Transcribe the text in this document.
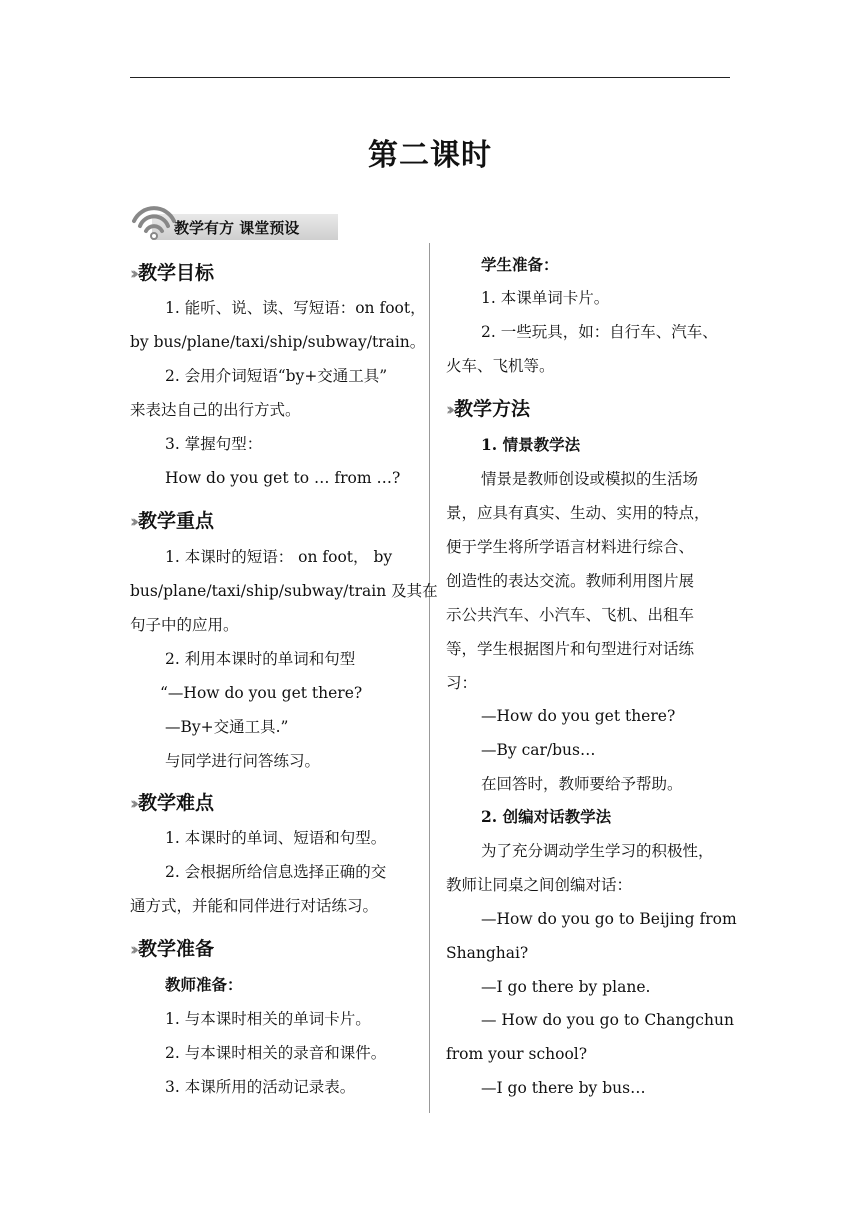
第二课时
教学有方 课堂预设
›› 教学目标
1. 能听、说、读、写短语：on foot，
by bus/plane/taxi/ship/subway/train。
2. 会用介词短语“by+交通工具”
来表达自己的出行方式。
3. 掌握句型：
How do you get to … from …?
›› 教学重点
1. 本课时的短语： on foot， by
bus/plane/taxi/ship/subway/train 及其在
句子中的应用。
2. 利用本课时的单词和句型
“—How do you get there?
—By+交通工具.”
与同学进行问答练习。
›› 教学难点
1. 本课时的单词、短语和句型。
2. 会根据所给信息选择正确的交
通方式，并能和同伴进行对话练习。
›› 教学准备
教师准备：
1. 与本课时相关的单词卡片。
2. 与本课时相关的录音和课件。
3. 本课所用的活动记录表。
学生准备：
1. 本课单词卡片。
2. 一些玩具，如：自行车、汽车、
火车、飞机等。
›› 教学方法
1. 情景教学法
情景是教师创设或模拟的生活场
景，应具有真实、生动、实用的特点，
便于学生将所学语言材料进行综合、
创造性的表达交流。教师利用图片展
示公共汽车、小汽车、飞机、出租车
等，学生根据图片和句型进行对话练
习：
—How do you get there?
—By car/bus…
在回答时，教师要给予帮助。
2. 创编对话教学法
为了充分调动学生学习的积极性，
教师让同桌之间创编对话：
—How do you go to Beijing from
Shanghai?
—I go there by plane.
— How do you go to Changchun
from your school?
—I go there by bus…
